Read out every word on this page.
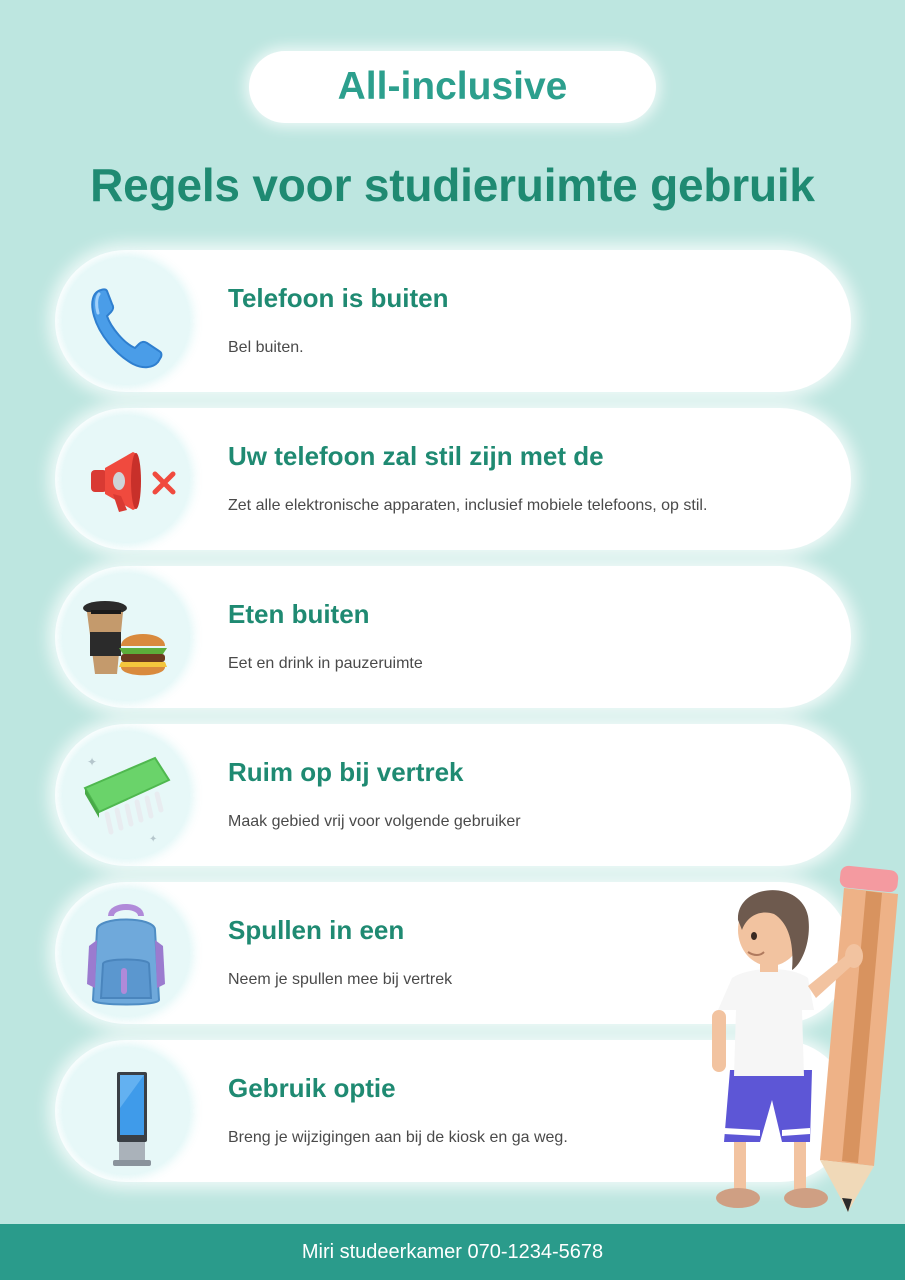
All-inclusive
Regels voor studieruimte gebruik
Telefoon is buiten
Bel buiten.
Uw telefoon zal stil zijn met de
Zet alle elektronische apparaten, inclusief mobiele telefoons, op stil.
Eten buiten
Eet en drink in pauzeruimte
✦
✦
Ruim op bij vertrek
Maak gebied vrij voor volgende gebruiker
Spullen in een
Neem je spullen mee bij vertrek
Gebruik optie
Breng je wijzigingen aan bij de kiosk en ga weg.
Miri studeerkamer 070-1234-5678
